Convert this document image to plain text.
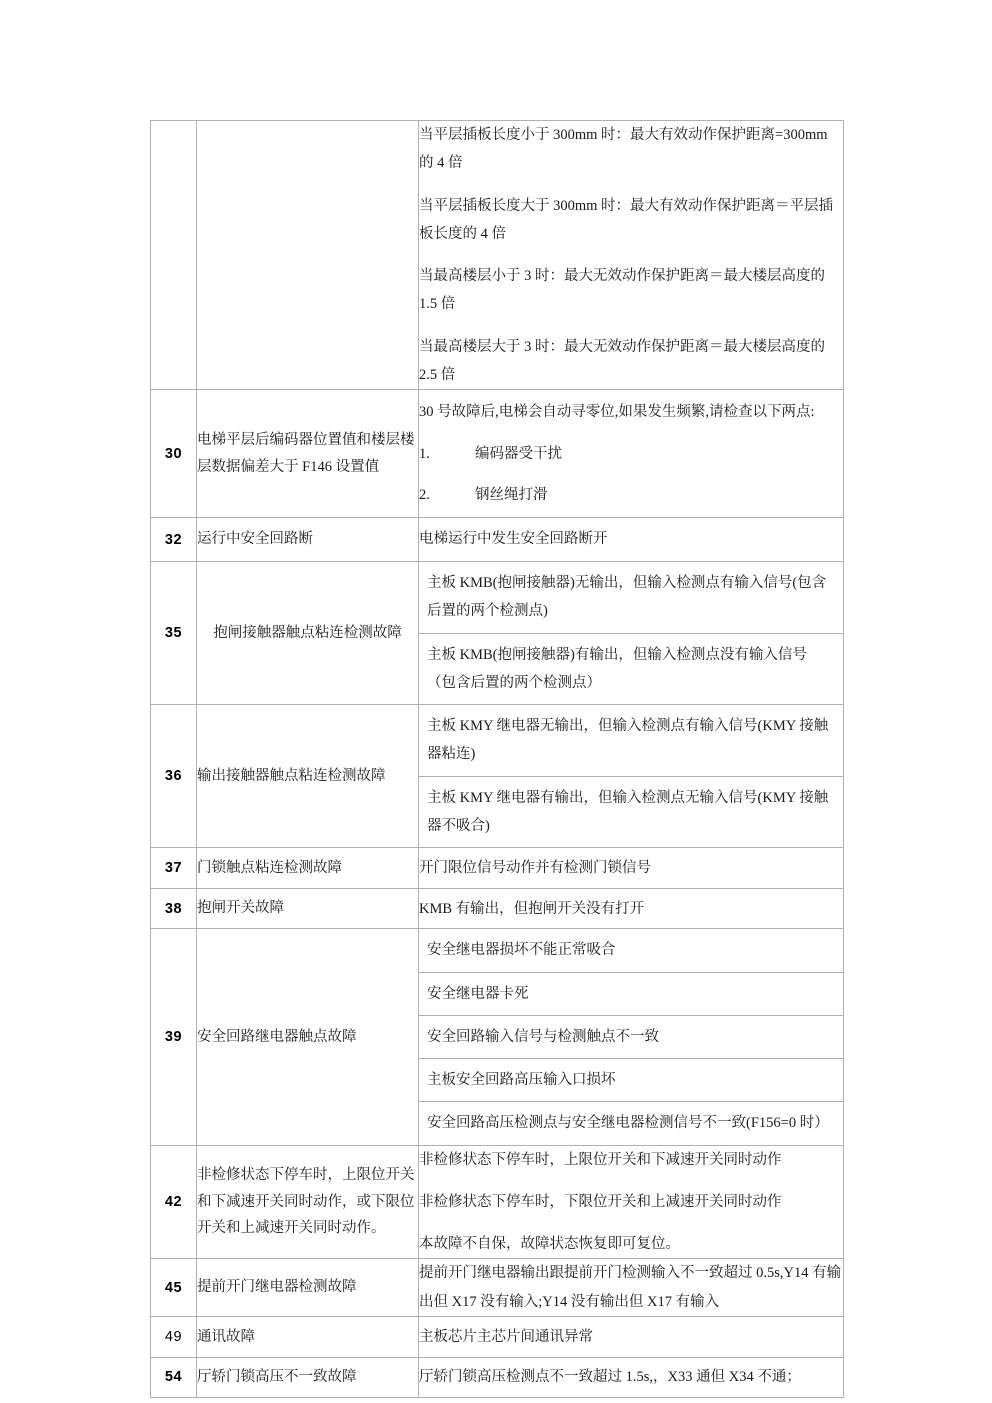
当平层插板长度小于 300mm 时：最大有效动作保护距离=300mm 的 4 倍

当平层插板长度大于 300mm 时：最大有效动作保护距离＝平层插板长度的 4 倍

当最高楼层小于 3 时：最大无效动作保护距离＝最大楼层高度的 1.5 倍

当最高楼层大于 3 时：最大无效动作保护距离＝最大楼层高度的 2.5 倍

30	电梯平层后编码器位置值和楼层楼层数据偏差大于 F146 设置值	

30 号故障后,电梯会自动寻零位,如果发生频繁,请检查以下两点:

1.	编码器受干扰
2.	钢丝绳打滑

32	运行中安全回路断	电梯运行中发生安全回路断开

35	抱闸接触器触点粘连检测故障	
主板 KMB(抱闸接触器)无输出，但输入检测点有输入信号(包含后置的两个检测点)
主板 KMB(抱闸接触器)有输出，但输入检测点没有输入信号（包含后置的两个检测点）

36	输出接触器触点粘连检测故障	
主板 KMY 继电器无输出，但输入检测点有输入信号(KMY 接触器粘连)
主板 KMY 继电器有输出，但输入检测点无输入信号(KMY 接触器不吸合)

37	门锁触点粘连检测故障	开门限位信号动作并有检测门锁信号

38	抱闸开关故障	KMB 有输出，但抱闸开关没有打开

39	安全回路继电器触点故障	
安全继电器损坏不能正常吸合
安全继电器卡死
安全回路输入信号与检测触点不一致
主板安全回路高压输入口损坏
安全回路高压检测点与安全继电器检测信号不一致(F156=0 时）

42	非检修状态下停车时，上限位开关和下减速开关同时动作，或下限位开关和上减速开关同时动作。	

非检修状态下停车时，上限位开关和下减速开关同时动作

非检修状态下停车时，下限位开关和上减速开关同时动作

本故障不自保，故障状态恢复即可复位。

45	提前开门继电器检测故障	

提前开门继电器输出跟提前开门检测输入不一致超过 0.5s,Y14 有输出但 X17 没有输入;Y14 没有输出但 X17 有输入

49	通讯故障	主板芯片主芯片间通讯异常

54	厅轿门锁高压不一致故障	厅轿门锁高压检测点不一致超过 1.5s,，X33 通但 X34 不通；
